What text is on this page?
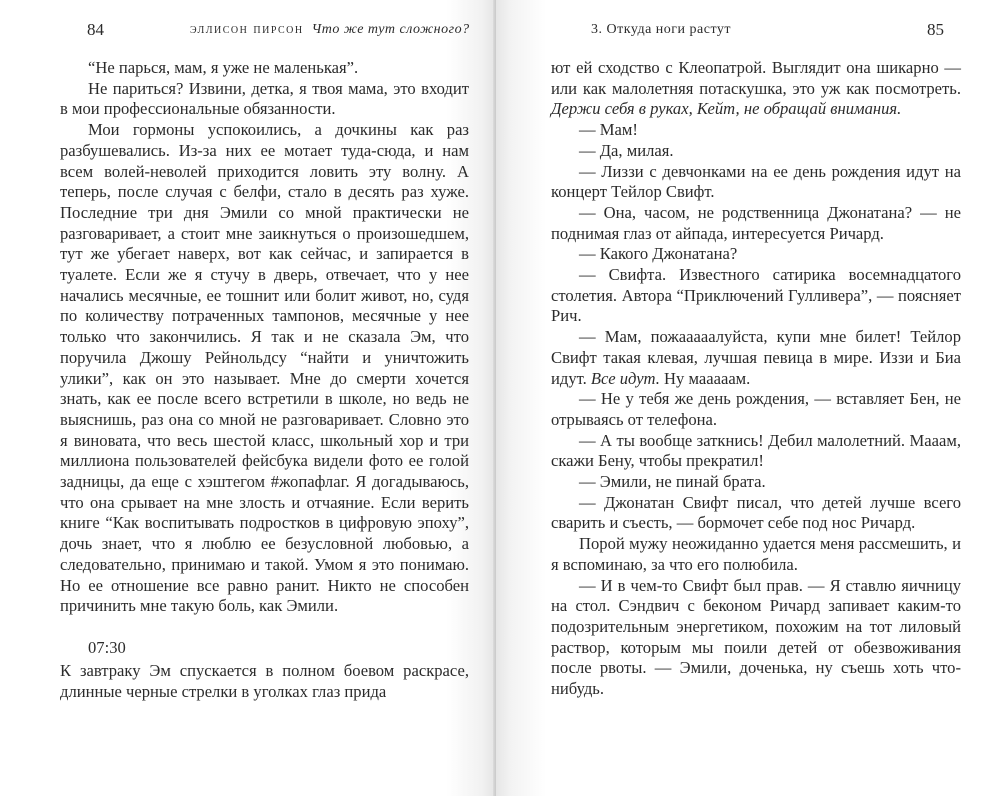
84	эллисон пирсон Что же тут сложного?

“Не парься, мам, я уже не маленькая”.

Не париться? Извини, детка, я твоя мама, это входит в мои профессиональные обязанности.

Мои гормоны успокоились, а дочкины как раз разбушевались. Из-за них ее мотает туда-сюда, и нам всем волей-неволей приходится ловить эту волну. А теперь, после случая с белфи, стало в десять раз хуже. Последние три дня Эмили со мной практически не разговаривает, а стоит мне заикнуться о произошедшем, тут же убегает наверх, вот как сейчас, и запирается в туалете. Если же я стучу в дверь, отвечает, что у нее начались месячные, ее тошнит или болит живот, но, судя по количеству потраченных тампонов, месячные у нее только что закончились. Я так и не сказала Эм, что поручила Джошу Рейнольдсу “найти и уничтожить улики”, как он это называет. Мне до смерти хочется знать, как ее после всего встретили в школе, но ведь не выяснишь, раз она со мной не разговаривает. Словно это я виновата, что весь шестой класс, школьный хор и три миллиона пользователей фейсбука видели фото ее голой задницы, да еще с хэштегом #жопафлаг. Я догадываюсь, что она срывает на мне злость и отчаяние. Если верить книге “Как воспитывать подростков в цифровую эпоху”, дочь знает, что я люблю ее безусловной любовью, а следовательно, принимаю и такой. Умом я это понимаю. Но ее отношение все равно ранит. Никто не способен причинить мне такую боль, как Эмили.

07:30

К завтраку Эм спускается в полном боевом раскрасе, длинные черные стрелки в уголках глаз прида

3. Откуда ноги растут	85

ют ей сходство с Клеопатрой. Выглядит она шикарно — или как малолетняя потаскушка, это уж как посмотреть. Держи себя в руках, Кейт, не обращай внимания.

— Мам!

— Да, милая.

— Лиззи с девчонками на ее день рождения идут на концерт Тейлор Свифт.

— Она, часом, не родственница Джонатана? — не поднимая глаз от айпада, интересуется Ричард.

— Какого Джонатана?

— Свифта. Известного сатирика восемнадцатого столетия. Автора “Приключений Гулливера”, — поясняет Рич.

— Мам, пожааааалуйста, купи мне билет! Тейлор Свифт такая клевая, лучшая певица в мире. Иззи и Биа идут. Все идут. Ну мааааам.

— Не у тебя же день рождения, — вставляет Бен, не отрываясь от телефона.

— А ты вообще заткнись! Дебил малолетний. Мааам, скажи Бену, чтобы прекратил!

— Эмили, не пинай брата.

— Джонатан Свифт писал, что детей лучше всего сварить и съесть, — бормочет себе под нос Ричард.

Порой мужу неожиданно удается меня рассмешить, и я вспоминаю, за что его полюбила.

— И в чем-то Свифт был прав. — Я ставлю яичницу на стол. Сэндвич с беконом Ричард запивает каким-то подозрительным энергетиком, похожим на тот лиловый раствор, которым мы поили детей от обезвоживания после рвоты. — Эмили, доченька, ну съешь хоть что-нибудь.
